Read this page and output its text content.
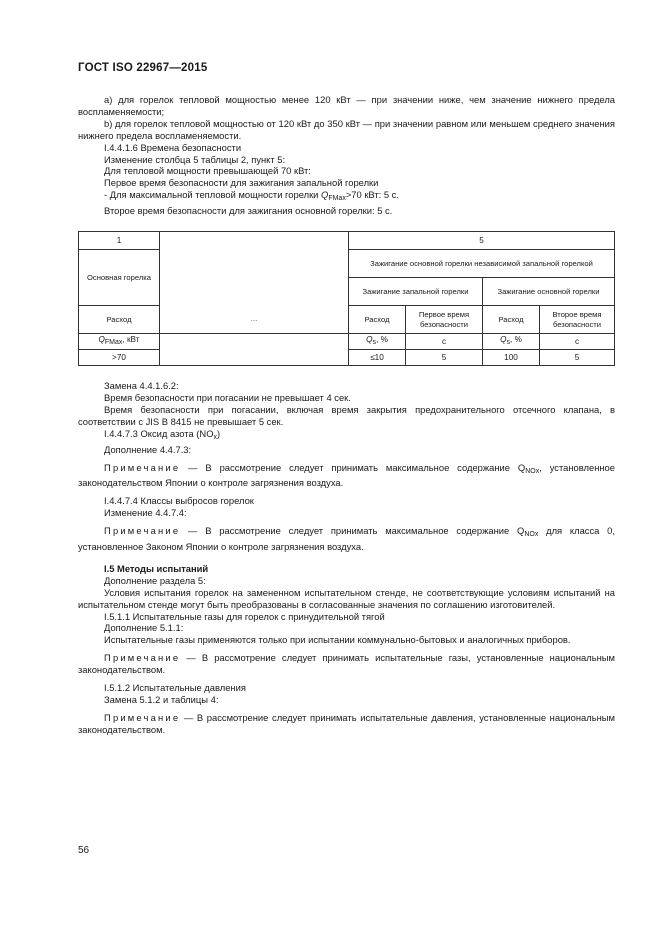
ГОСТ ISO 22967—2015

а) для горелок тепловой мощностью менее 120 кВт — при значении ниже, чем значение нижнего предела воспламеняемости;

b) для горелок тепловой мощностью от 120 кВт до 350 кВт — при значении равном или меньшем среднего значения нижнего предела воспламеняемости.

I.4.4.1.6 Времена безопасности

Изменение столбца 5 таблицы 2, пункт 5:

Для тепловой мощности превышающей 70 кВт:

Первое время безопасности для зажигания запальной горелки

- Для максимальной тепловой мощности горелки $Q_{FMax}>70$ кВт: 5 с.

Второе время безопасности для зажигания основной горелки: 5 с.

1		5			
Основная горелка		Зажигание основной горелки независимой запальной горелкой			
		Зажигание запальной горелки		Зажигание основной горелки	
Расход	...	Расход	Первое время безопасности	Расход	Второе время безопасности
QFMax, кВт		Qs, %	с	Qs, %	с
>70		≤10	5	100	5

Замена 4.4.1.6.2:

Время безопасности при погасании не превышает 4 сек.

Время безопасности при погасании, включая время закрытия предохранительного отсечного клапана, в соответствии с JIS B 8415 не превышает 5 сек.

I.4.4.7.3 Оксид азота $(NO_x)$

Дополнение 4.4.7.3:

Примечание — В рассмотрение следует принимать максимальное содержание $Q_{NOx}$, установленное законодательством Японии о контроле загрязнения воздуха.

I.4.4.7.4 Классы выбросов горелок

Изменение 4.4.7.4:

Примечание — В рассмотрение следует принимать максимальное содержание $Q_{NOx}$ для класса 0, установленное Законом Японии о контроле загрязнения воздуха.

I.5 Методы испытаний

Дополнение раздела 5:

Условия испытания горелок на замененном испытательном стенде, не соответствующие условиям испытаний на испытательном стенде могут быть преобразованы в согласованные значения по соглашению изготовителей.

I.5.1.1 Испытательные газы для горелок с принудительной тягой

Дополнение 5.1.1:

Испытательные газы применяются только при испытании коммунально-бытовых и аналогичных приборов.

Примечание — В рассмотрение следует принимать испытательные газы, установленные национальным законодательством.

I.5.1.2 Испытательные давления

Замена 5.1.2 и таблицы 4:

Примечание — В рассмотрение следует принимать испытательные давления, установленные национальным законодательством.

56
